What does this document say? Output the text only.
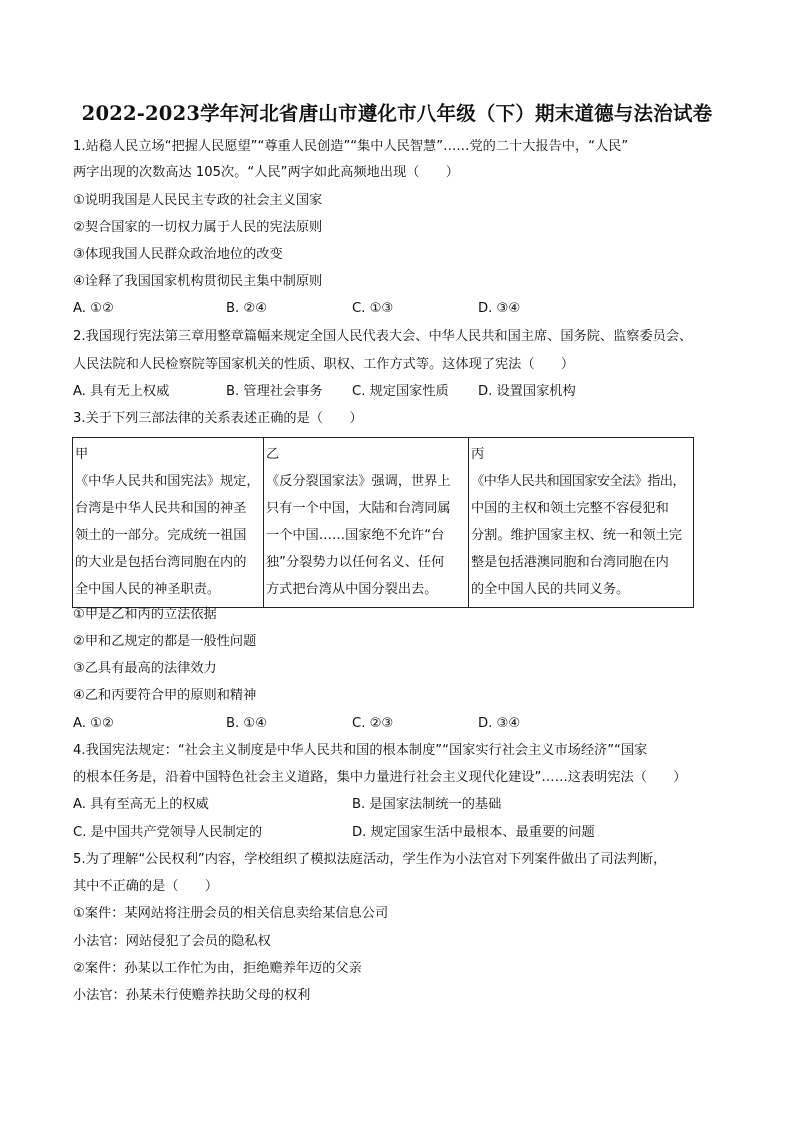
2022-2023学年河北省唐山市遵化市八年级（下）期末道德与法治试卷
1.站稳人民立场“把握人民愿望”“尊重人民创造”“集中人民智慧”……党的二十大报告中，“人民”
两字出现的次数高达 105次。“人民”两字如此高频地出现（　　）
①说明我国是人民民主专政的社会主义国家
②契合国家的一切权力属于人民的宪法原则
③体现我国人民群众政治地位的改变
④诠释了我国国家机构贯彻民主集中制原则
A. ①②	B. ②④	C. ①③	D. ③④
2.我国现行宪法第三章用整章篇幅来规定全国人民代表大会、中华人民共和国主席、国务院、监察委员会、
人民法院和人民检察院等国家机关的性质、职权、工作方式等。这体现了宪法（　　）
A. 具有无上权威	B. 管理社会事务 C. 规定国家性质 D. 设置国家机构
3.关于下列三部法律的关系表述正确的是（　　）
甲
《中华人民共和国宪法》规定，
台湾是中华人民共和国的神圣
领土的一部分。完成统一祖国
的大业是包括台湾同胞在内的
全中国人民的神圣职责。

乙
《反分裂国家法》强调，世界上
只有一个中国，大陆和台湾同属
一个中国……国家绝不允许“台
独”分裂势力以任何名义、任何
方式把台湾从中国分裂出去。

丙
《中华人民共和国国家安全法》指出，
中国的主权和领土完整不容侵犯和
分割。维护国家主权、统一和领土完
整是包括港澳同胞和台湾同胞在内
的全中国人民的共同义务。
①甲是乙和丙的立法依据
②甲和乙规定的都是一般性问题
③乙具有最高的法律效力
④乙和丙要符合甲的原则和精神
A. ①②	B. ①④	C. ②③	D. ③④
4.我国宪法规定：“社会主义制度是中华人民共和国的根本制度”“国家实行社会主义市场经济”“国家
的根本任务是，沿着中国特色社会主义道路，集中力量进行社会主义现代化建设”……这表明宪法（　　）
A. 具有至高无上的权威	B. 是国家法制统一的基础
C. 是中国共产党领导人民制定的	D. 规定国家生活中最根本、最重要的问题
5.为了理解“公民权利”内容，学校组织了模拟法庭活动，学生作为小法官对下列案件做出了司法判断，
其中不正确的是（　　）
①案件：某网站将注册会员的相关信息卖给某信息公司
小法官：网站侵犯了会员的隐私权
②案件：孙某以工作忙为由，拒绝赡养年迈的父亲
小法官：孙某未行使赡养扶助父母的权利
